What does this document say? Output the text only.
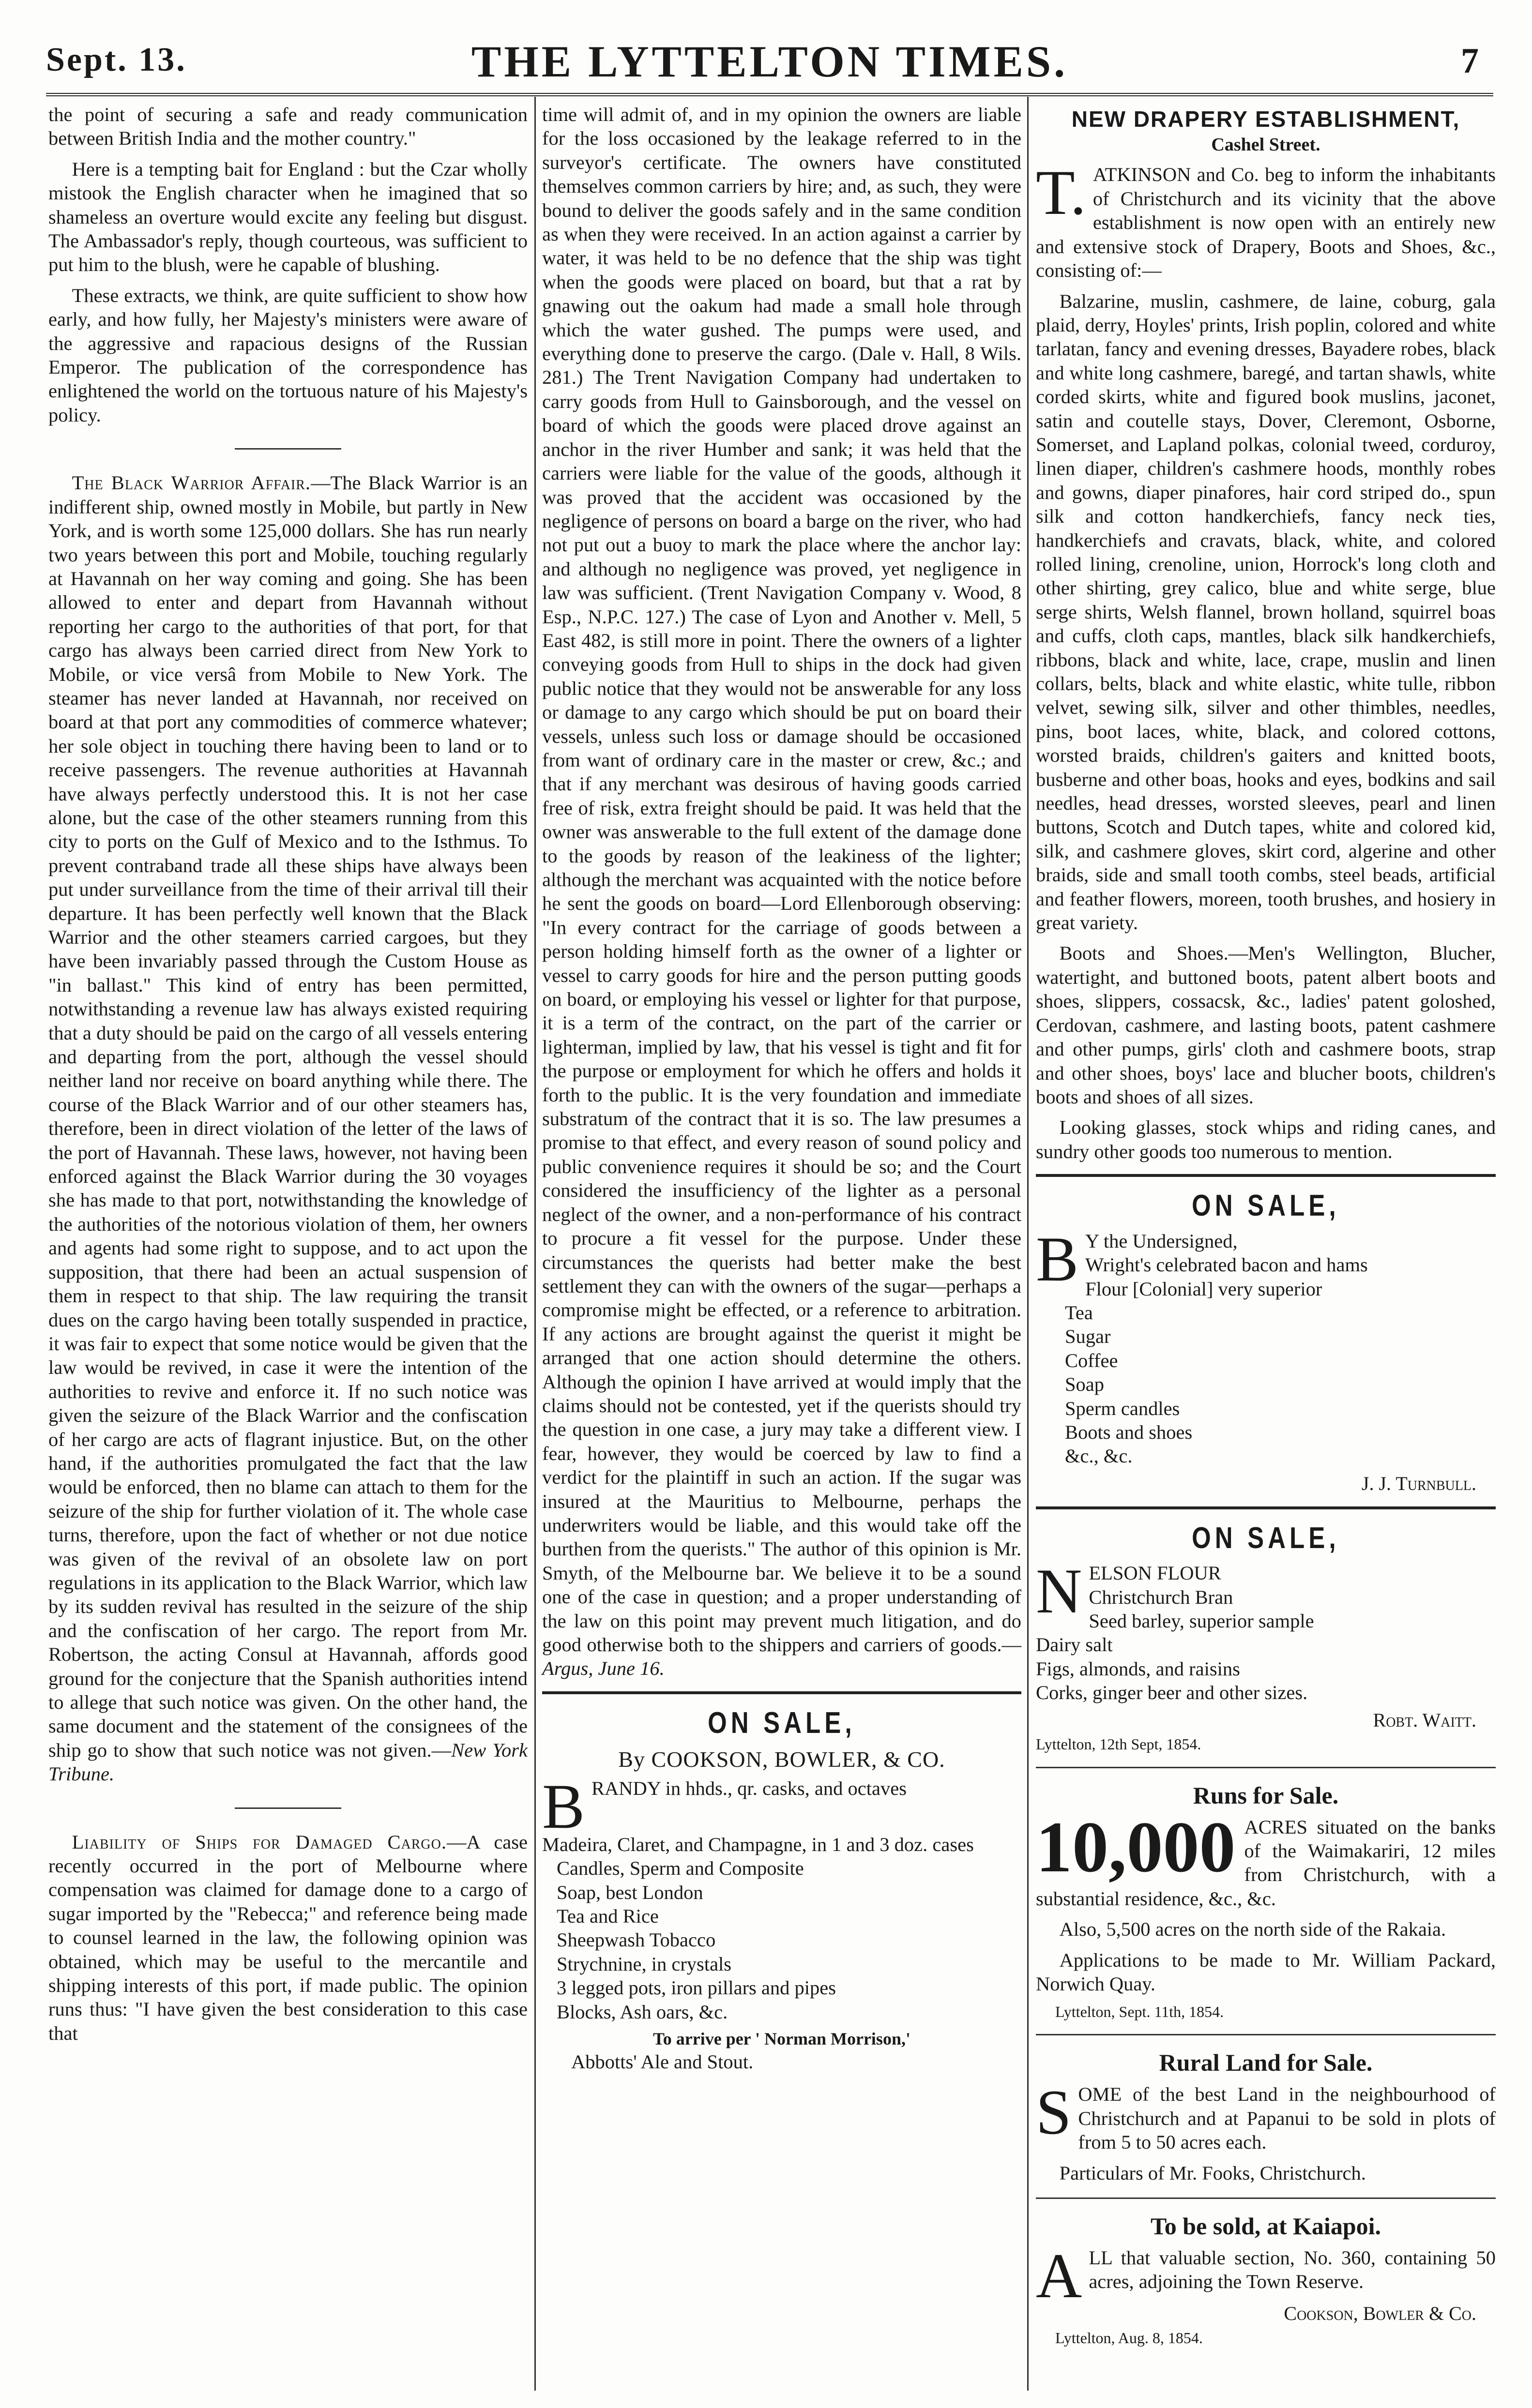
Sept. 13.	THE LYTTELTON TIMES.	7

the point of securing a safe and ready communication between British India and the mother country."

Here is a tempting bait for England : but the Czar wholly mistook the English character when he imagined that so shameless an overture would excite any feeling but disgust. The Ambassador's reply, though courteous, was sufficient to put him to the blush, were he capable of blushing.

These extracts, we think, are quite sufficient to show how early, and how fully, her Majesty's ministers were aware of the aggressive and rapacious designs of the Russian Emperor. The publication of the correspondence has enlightened the world on the tortuous nature of his Majesty's policy.

The Black Warrior Affair.—The Black Warrior is an indifferent ship, owned mostly in Mobile, but partly in New York, and is worth some 125,000 dollars. She has run nearly two years between this port and Mobile, touching regularly at Havannah on her way coming and going. She has been allowed to enter and depart from Havannah without reporting her cargo to the authorities of that port, for that cargo has always been carried direct from New York to Mobile, or vice versâ from Mobile to New York. The steamer has never landed at Havannah, nor received on board at that port any commodities of commerce whatever; her sole object in touching there having been to land or to receive passengers. The revenue authorities at Havannah have always perfectly understood this. It is not her case alone, but the case of the other steamers running from this city to ports on the Gulf of Mexico and to the Isthmus. To prevent contraband trade all these ships have always been put under surveillance from the time of their arrival till their departure. It has been perfectly well known that the Black Warrior and the other steamers carried cargoes, but they have been invariably passed through the Custom House as "in ballast." This kind of entry has been permitted, notwithstanding a revenue law has always existed requiring that a duty should be paid on the cargo of all vessels entering and departing from the port, although the vessel should neither land nor receive on board anything while there. The course of the Black Warrior and of our other steamers has, therefore, been in direct violation of the letter of the laws of the port of Havannah. These laws, however, not having been enforced against the Black Warrior during the 30 voyages she has made to that port, notwithstanding the knowledge of the authorities of the notorious violation of them, her owners and agents had some right to suppose, and to act upon the supposition, that there had been an actual suspension of them in respect to that ship. The law requiring the transit dues on the cargo having been totally suspended in practice, it was fair to expect that some notice would be given that the law would be revived, in case it were the intention of the authorities to revive and enforce it. If no such notice was given the seizure of the Black Warrior and the confiscation of her cargo are acts of flagrant injustice. But, on the other hand, if the authorities promulgated the fact that the law would be enforced, then no blame can attach to them for the seizure of the ship for further violation of it. The whole case turns, therefore, upon the fact of whether or not due notice was given of the revival of an obsolete law on port regulations in its application to the Black Warrior, which law by its sudden revival has resulted in the seizure of the ship and the confiscation of her cargo. The report from Mr. Robertson, the acting Consul at Havannah, affords good ground for the conjecture that the Spanish authorities intend to allege that such notice was given. On the other hand, the same document and the statement of the consignees of the ship go to show that such notice was not given.—New York Tribune.

Liability of Ships for Damaged Cargo.—A case recently occurred in the port of Melbourne where compensation was claimed for damage done to a cargo of sugar imported by the "Rebecca;" and reference being made to counsel learned in the law, the following opinion was obtained, which may be useful to the mercantile and shipping interests of this port, if made public. The opinion runs thus: "I have given the best consideration to this case that

time will admit of, and in my opinion the owners are liable for the loss occasioned by the leakage referred to in the surveyor's certificate. The owners have constituted themselves common carriers by hire; and, as such, they were bound to deliver the goods safely and in the same condition as when they were received. In an action against a carrier by water, it was held to be no defence that the ship was tight when the goods were placed on board, but that a rat by gnawing out the oakum had made a small hole through which the water gushed. The pumps were used, and everything done to preserve the cargo. (Dale v. Hall, 8 Wils. 281.) The Trent Navigation Company had undertaken to carry goods from Hull to Gainsborough, and the vessel on board of which the goods were placed drove against an anchor in the river Humber and sank; it was held that the carriers were liable for the value of the goods, although it was proved that the accident was occasioned by the negligence of persons on board a barge on the river, who had not put out a buoy to mark the place where the anchor lay: and although no negligence was proved, yet negligence in law was sufficient. (Trent Navigation Company v. Wood, 8 Esp., N.P.C. 127.) The case of Lyon and Another v. Mell, 5 East 482, is still more in point. There the owners of a lighter conveying goods from Hull to ships in the dock had given public notice that they would not be answerable for any loss or damage to any cargo which should be put on board their vessels, unless such loss or damage should be occasioned from want of ordinary care in the master or crew, &c.; and that if any merchant was desirous of having goods carried free of risk, extra freight should be paid. It was held that the owner was answerable to the full extent of the damage done to the goods by reason of the leakiness of the lighter; although the merchant was acquainted with the notice before he sent the goods on board—Lord Ellenborough observing: "In every contract for the carriage of goods between a person holding himself forth as the owner of a lighter or vessel to carry goods for hire and the person putting goods on board, or employing his vessel or lighter for that purpose, it is a term of the contract, on the part of the carrier or lighterman, implied by law, that his vessel is tight and fit for the purpose or employment for which he offers and holds it forth to the public. It is the very foundation and immediate substratum of the contract that it is so. The law presumes a promise to that effect, and every reason of sound policy and public convenience requires it should be so; and the Court considered the insufficiency of the lighter as a personal neglect of the owner, and a non-performance of his contract to procure a fit vessel for the purpose. Under these circumstances the querists had better make the best settlement they can with the owners of the sugar—perhaps a compromise might be effected, or a reference to arbitration. If any actions are brought against the querist it might be arranged that one action should determine the others. Although the opinion I have arrived at would imply that the claims should not be contested, yet if the querists should try the question in one case, a jury may take a different view. I fear, however, they would be coerced by law to find a verdict for the plaintiff in such an action. If the sugar was insured at the Mauritius to Melbourne, perhaps the underwriters would be liable, and this would take off the burthen from the querists." The author of this opinion is Mr. Smyth, of the Melbourne bar. We believe it to be a sound one of the case in question; and a proper understanding of the law on this point may prevent much litigation, and do good otherwise both to the shippers and carriers of goods.—Argus, June 16.

ON SALE,
By COOKSON, BOWLER, & CO.
BRANDY in hhds., qr. casks, and octaves
Madeira, Claret, and Champagne, in 1 and 3 doz. cases
Candles, Sperm and Composite
Soap, best London
Tea and Rice
Sheepwash Tobacco
Strychnine, in crystals
3 legged pots, iron pillars and pipes
Blocks, Ash oars, &c.
To arrive per ' Norman Morrison,'
Abbotts' Ale and Stout.
NEW DRAPERY ESTABLISHMENT,
Cashel Street.

T. ATKINSON and Co. beg to inform the inhabitants of Christchurch and its vicinity that the above establishment is now open with an entirely new and extensive stock of Drapery, Boots and Shoes, &c., consisting of:—

Balzarine, muslin, cashmere, de laine, coburg, gala plaid, derry, Hoyles' prints, Irish poplin, colored and white tarlatan, fancy and evening dresses, Bayadere robes, black and white long cashmere, baregé, and tartan shawls, white corded skirts, white and figured book muslins, jaconet, satin and coutelle stays, Dover, Cleremont, Osborne, Somerset, and Lapland polkas, colonial tweed, corduroy, linen diaper, children's cashmere hoods, monthly robes and gowns, diaper pinafores, hair cord striped do., spun silk and cotton handkerchiefs, fancy neck ties, handkerchiefs and cravats, black, white, and colored rolled lining, crenoline, union, Horrock's long cloth and other shirting, grey calico, blue and white serge, blue serge shirts, Welsh flannel, brown holland, squirrel boas and cuffs, cloth caps, mantles, black silk handkerchiefs, ribbons, black and white, lace, crape, muslin and linen collars, belts, black and white elastic, white tulle, ribbon velvet, sewing silk, silver and other thimbles, needles, pins, boot laces, white, black, and colored cottons, worsted braids, children's gaiters and knitted boots, busberne and other boas, hooks and eyes, bodkins and sail needles, head dresses, worsted sleeves, pearl and linen buttons, Scotch and Dutch tapes, white and colored kid, silk, and cashmere gloves, skirt cord, algerine and other braids, side and small tooth combs, steel beads, artificial and feather flowers, moreen, tooth brushes, and hosiery in great variety.

Boots and Shoes.—Men's Wellington, Blucher, watertight, and buttoned boots, patent albert boots and shoes, slippers, cossacsk, &c., ladies' patent goloshed, Cerdovan, cashmere, and lasting boots, patent cashmere and other pumps, girls' cloth and cashmere boots, strap and other shoes, boys' lace and blucher boots, children's boots and shoes of all sizes.

Looking glasses, stock whips and riding canes, and sundry other goods too numerous to mention.

ON SALE,
B Y the Undersigned,
Wright's celebrated bacon and hams
Flour [Colonial] very superior
Tea
Sugar
Coffee
Soap
Sperm candles
Boots and shoes
&c., &c.
J. J. Turnbull.
ON SALE,
NELSON FLOUR
Christchurch Bran
Seed barley, superior sample
Dairy salt
Figs, almonds, and raisins
Corks, ginger beer and other sizes.
Robt. Waitt.
Lyttelton, 12th Sept, 1854.
Runs for Sale.

10,000 ACRES situated on the banks of the Waimakariri, 12 miles from Christchurch, with a substantial residence, &c., &c.

Also, 5,500 acres on the north side of the Rakaia.

Applications to be made to Mr. William Packard, Norwich Quay.

Lyttelton, Sept. 11th, 1854.
Rural Land for Sale.

SOME of the best Land in the neighbourhood of Christchurch and at Papanui to be sold in plots of from 5 to 50 acres each.

Particulars of Mr. Fooks, Christchurch.

To be sold, at Kaiapoi.

ALL that valuable section, No. 360, containing 50 acres, adjoining the Town Reserve.

Cookson, Bowler & Co.
Lyttelton, Aug. 8, 1854.
